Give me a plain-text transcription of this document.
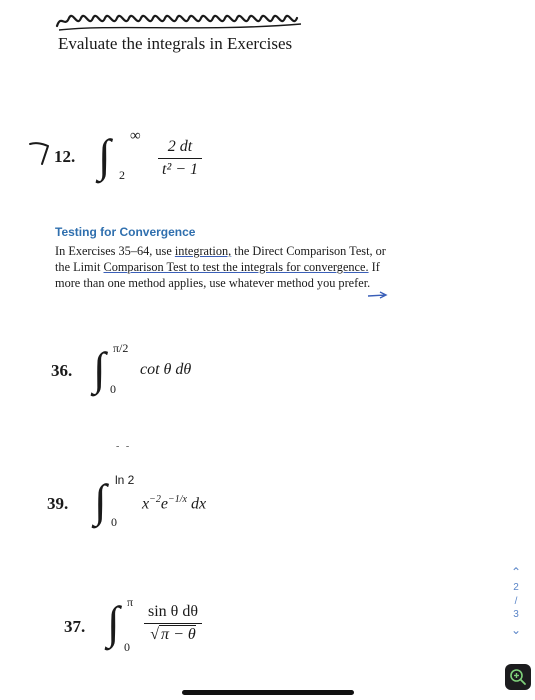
Evaluate the integrals in Exercises
12. ∫ ∞
2
2 dt
t² − 1
Testing for Convergence
In Exercises 35–64, use integration, the Direct Comparison Test, or
the Limit Comparison Test to test the integrals for convergence. If
more than one method applies, use whatever method you prefer.
36. ∫ π/2
0
cot θ dθ
- -
39. ∫ ln 2
0
$x^{-2}e^{-1/x}$ dx
37. ∫ π
0
sin θ dθ
√ π − θ
⌃
2
/
3
⌄
